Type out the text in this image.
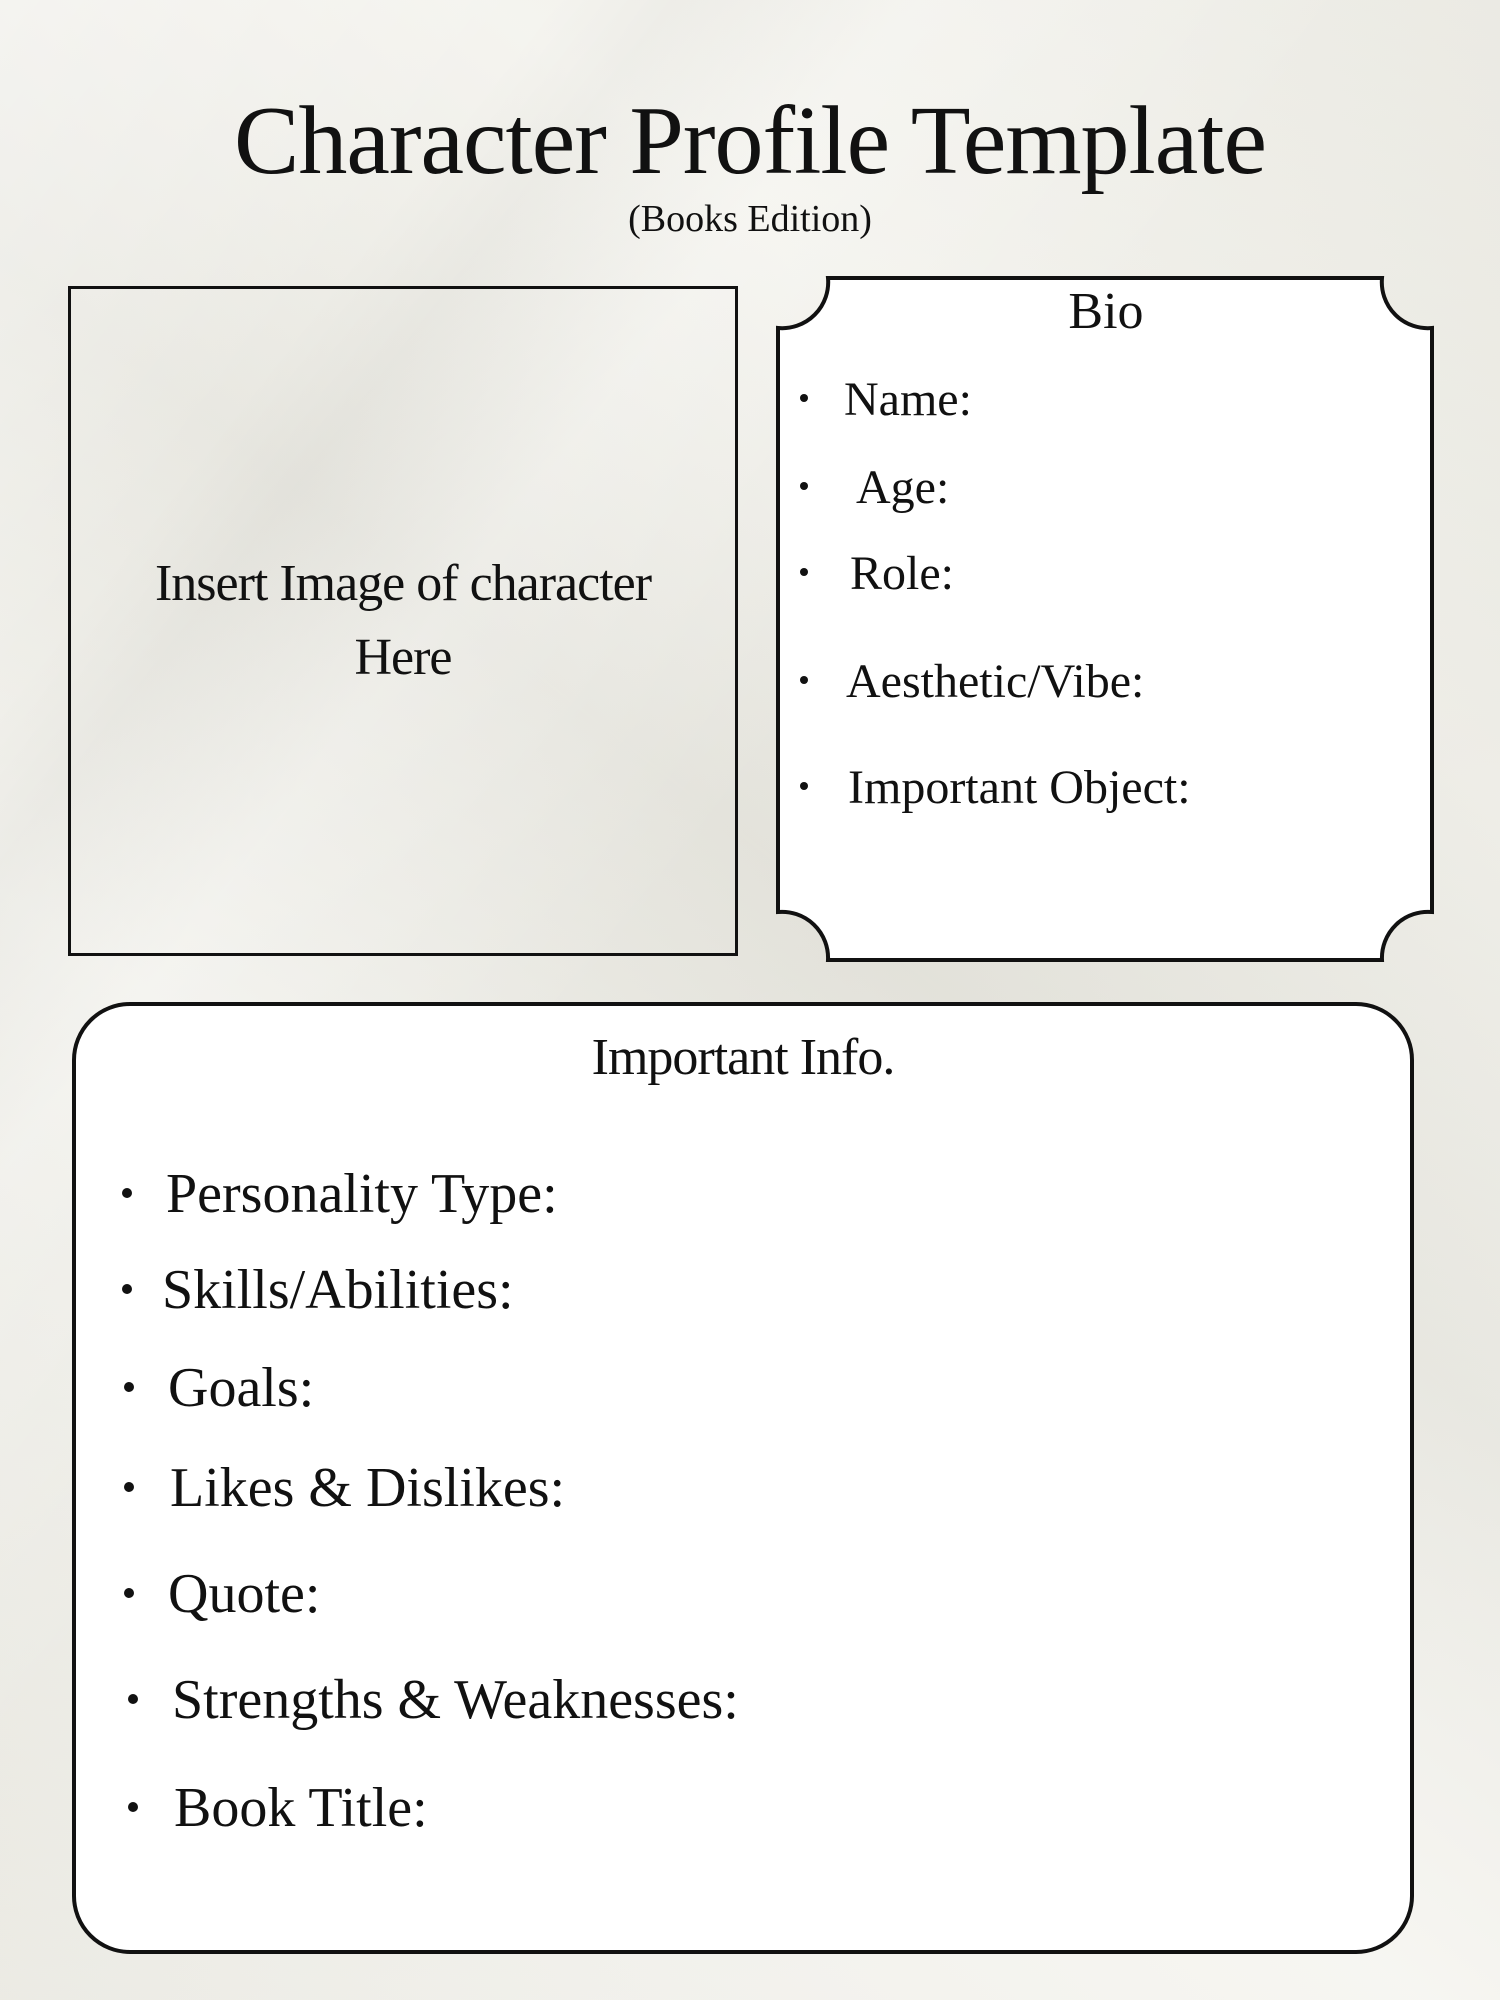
Character Profile Template
(Books Edition)
Insert Image of character
Here
Bio
Name:
Age:
Role:
Aesthetic/Vibe:
Important Object:
Important Info.
Personality Type:
Skills/Abilities:
Goals:
Likes & Dislikes:
Quote:
Strengths & Weaknesses:
Book Title:
